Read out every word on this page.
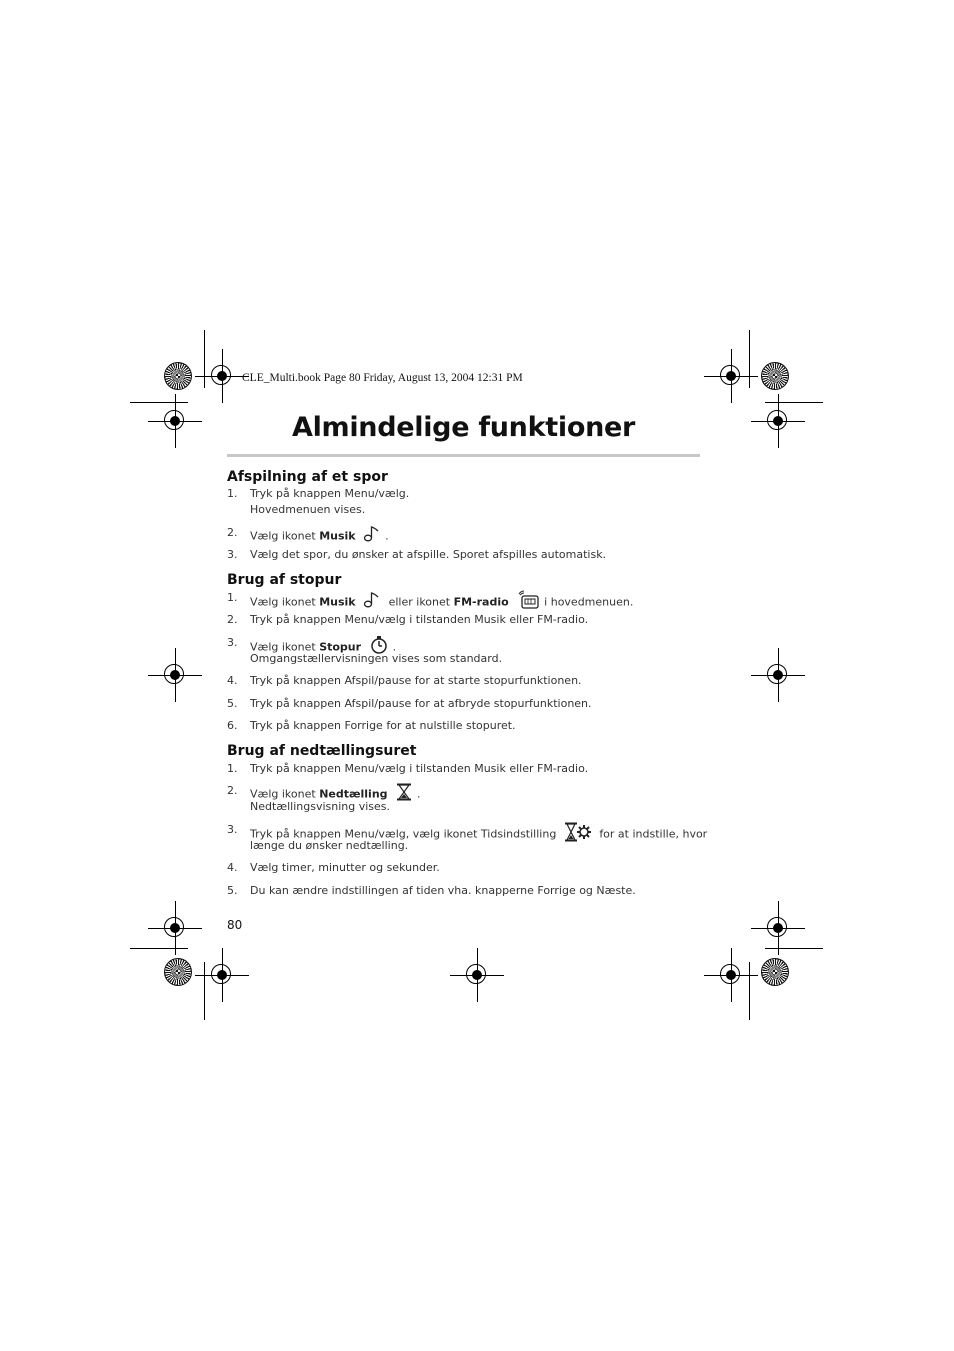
CLE_Multi.book Page 80 Friday, August 13, 2004 12:31 PM
Almindelige funktioner
Afspilning af et spor
1. Tryk på knappen Menu/vælg.
Hovedmenuen vises.
2. Vælg ikonet Musik	.
3. Vælg det spor, du ønsker at afspille. Sporet afspilles automatisk.
Brug af stopur
1. Vælg ikonet Musik	eller ikonet FM-radio	i hovedmenuen.
2. Tryk på knappen Menu/vælg i tilstanden Musik eller FM-radio.
3. Vælg ikonet Stopur	.
Omgangstællervisningen vises som standard.
4. Tryk på knappen Afspil/pause for at starte stopurfunktionen.
5. Tryk på knappen Afspil/pause for at afbryde stopurfunktionen.
6. Tryk på knappen Forrige for at nulstille stopuret.
Brug af nedtællingsuret
1. Tryk på knappen Menu/vælg i tilstanden Musik eller FM-radio.
2. Vælg ikonet Nedtælling	.
Nedtællingsvisning vises.
3. Tryk på knappen Menu/vælg, vælg ikonet Tidsindstilling	for at indstille, hvor
længe du ønsker nedtælling.
4. Vælg timer, minutter og sekunder.
5. Du kan ændre indstillingen af tiden vha. knapperne Forrige og Næste.
80
